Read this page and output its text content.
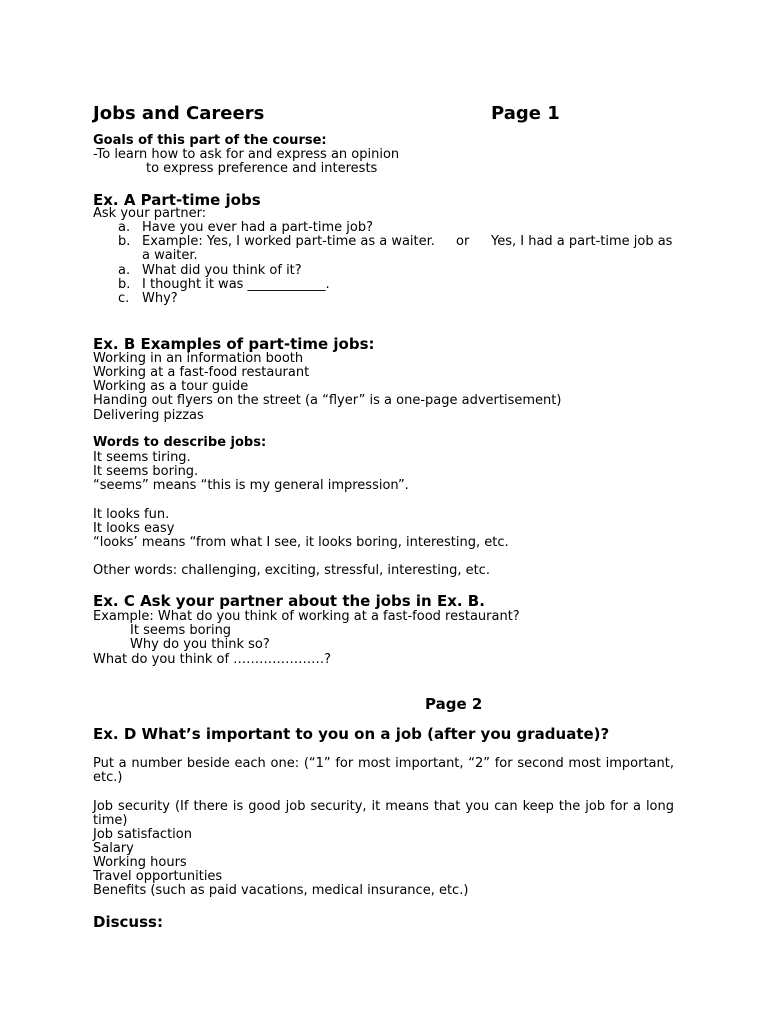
Jobs and Careers	Page 1
Goals of this part of the course:
-To learn how to ask for and express an opinion
to express preference and interests
Ex. A Part-time jobs
Ask your partner:
a. Have you ever had a part-time job?
b. Example: Yes, I worked part-time as a waiter. or Yes, I had a part-time job as
a waiter.
a. What did you think of it?
b. I thought it was ____________.
c. Why?
Ex. B Examples of part-time jobs:
Working in an information booth
Working at a fast-food restaurant
Working as a tour guide
Handing out flyers on the street (a “flyer” is a one-page advertisement)
Delivering pizzas
Words to describe jobs:
It seems tiring.
It seems boring.
“seems” means “this is my general impression”.
It looks fun.
It looks easy
“looks’ means “from what I see, it looks boring, interesting, etc.
Other words: challenging, exciting, stressful, interesting, etc.
Ex. C Ask your partner about the jobs in Ex. B.
Example: What do you think of working at a fast-food restaurant?
It seems boring
Why do you think so?
What do you think of …………………?
Page 2
Ex. D What’s important to you on a job (after you graduate)?
Put a number beside each one: (“1” for most important, “2” for second most important, etc.)
Job security (If there is good job security, it means that you can keep the job for a long time)
Job satisfaction
Salary
Working hours
Travel opportunities
Benefits (such as paid vacations, medical insurance, etc.)
Discuss:
